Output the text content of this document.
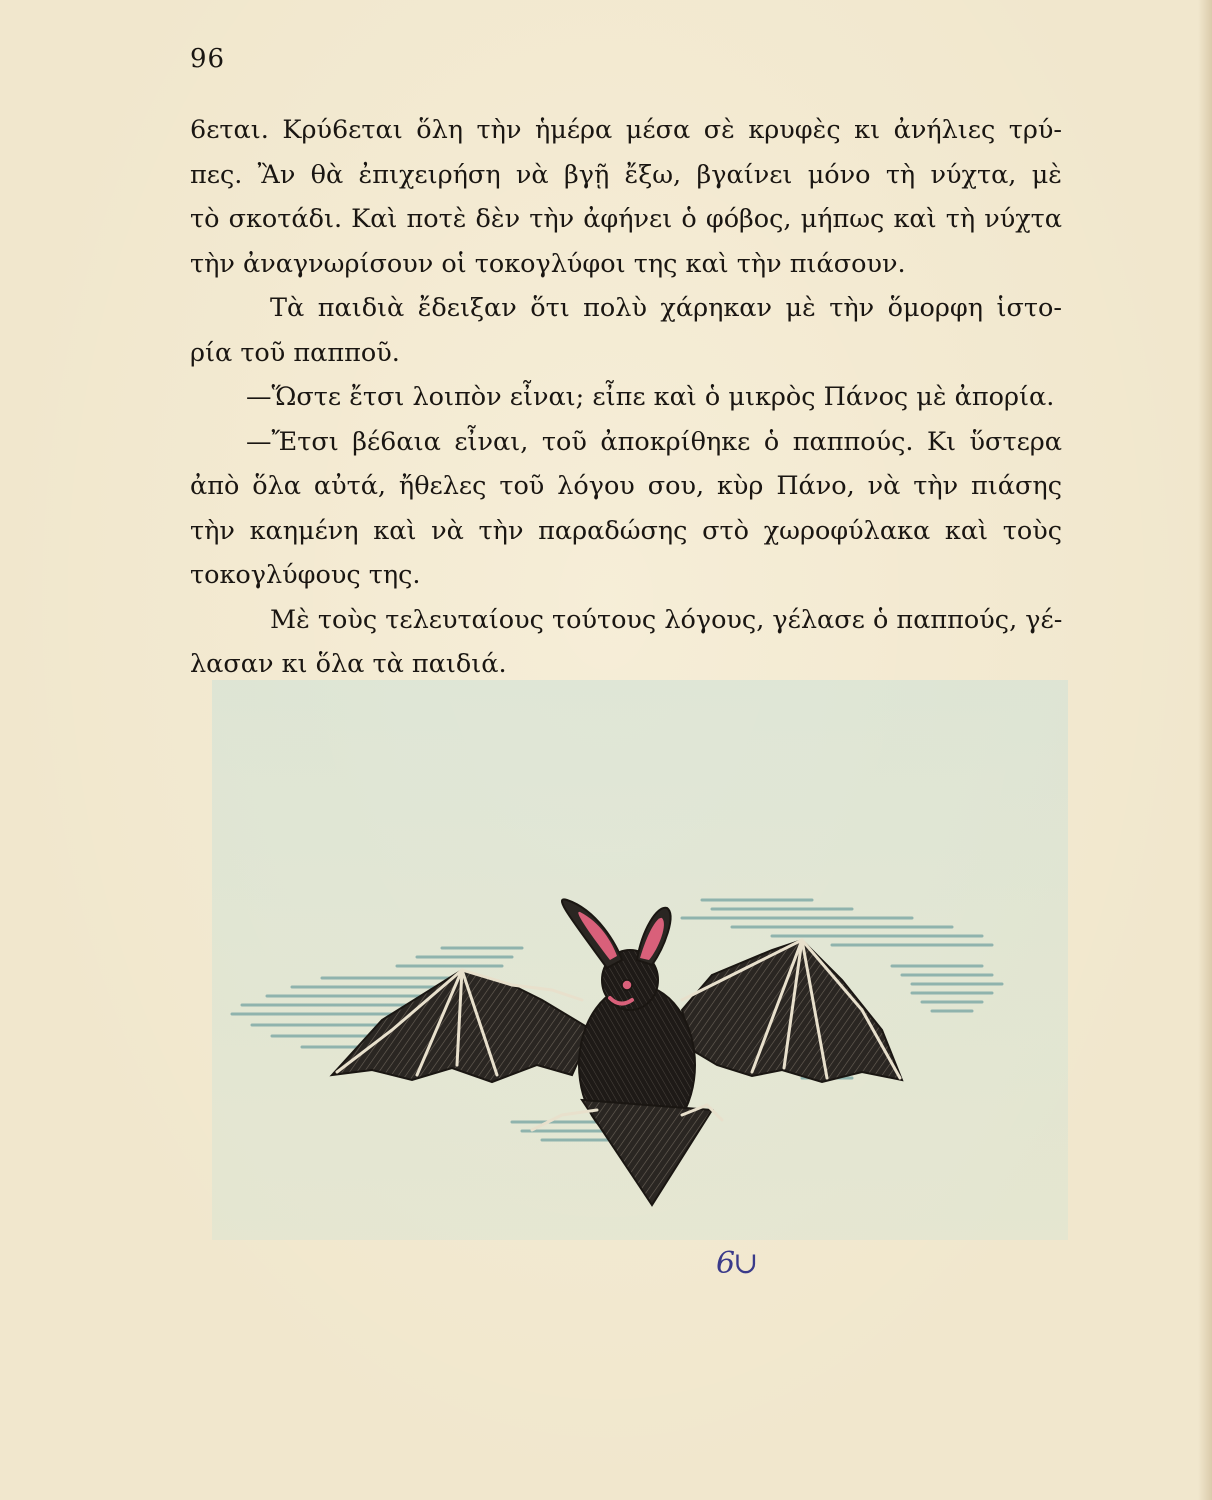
96
6εται. Κρύ6εται ὅλη τὴν ἡμέρα μέσα σὲ κρυφὲς κι ἀνήλιες τρύ-
πες. Ἂν θὰ ἐπιχειρήση νὰ βγῇ ἔξω, βγαίνει μόνο τὴ νύχτα, μὲ
τὸ σκοτάδι. Καὶ ποτὲ δὲν τὴν ἀφήνει ὁ φόβος, μήπως καὶ τὴ νύχτα
τὴν ἀναγνωρίσουν οἱ τοκογλύφοι της καὶ τὴν πιάσουν.
Τὰ παιδιὰ ἔδειξαν ὅτι πολὺ χάρηκαν μὲ τὴν ὅμορφη ἱστο-
ρία τοῦ παπποῦ.
—Ὥστε ἔτσι λοιπὸν εἶναι; εἶπε καὶ ὁ μικρὸς Πάνος μὲ ἀπορία.
—Ἔτσι βέ6αια εἶναι, τοῦ ἀποκρίθηκε ὁ παππούς. Κι ὕστερα
ἀπὸ ὅλα αὐτά, ἤθελες τοῦ λόγου σου, κὺρ Πάνο, νὰ τὴν πιάσης
τὴν καημένη καὶ νὰ τὴν παραδώσης στὸ χωροφύλακα καὶ τοὺς
τοκογλύφους της.
Μὲ τοὺς τελευταίους τούτους λόγους, γέλασε ὁ παππούς, γέ-
λασαν κι ὅλα τὰ παιδιά.
6∪
